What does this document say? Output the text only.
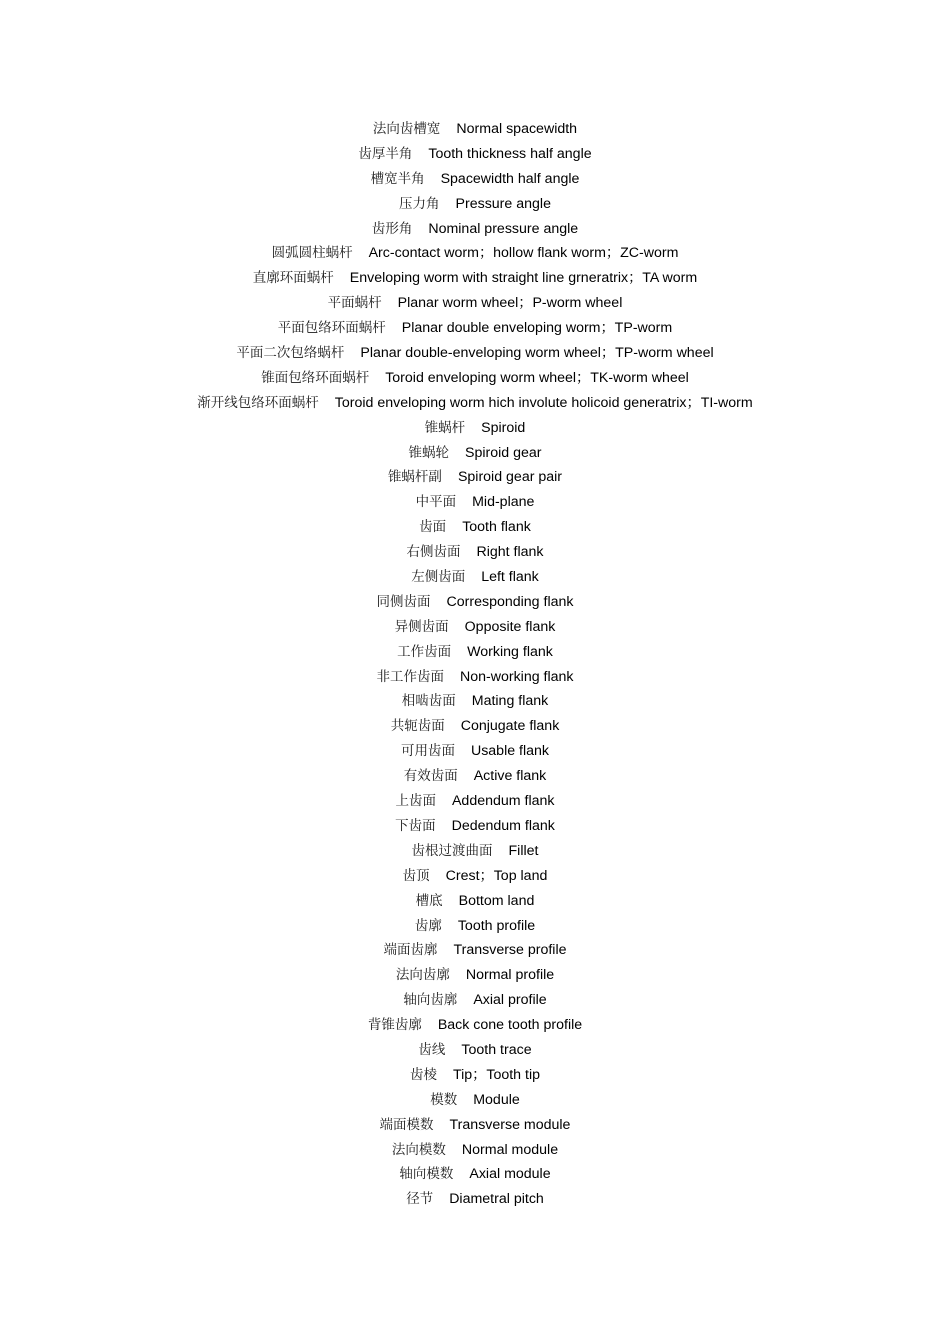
法向齿槽宽 Normal spacewidth
齿厚半角 Tooth thickness half angle
槽宽半角 Spacewidth half angle
压力角 Pressure angle
齿形角 Nominal pressure angle
圆弧圆柱蜗杆 Arc-contact worm；hollow flank worm；ZC-worm
直廓环面蜗杆 Enveloping worm with straight line grneratrix；TA worm
平面蜗杆 Planar worm wheel；P-worm wheel
平面包络环面蜗杆 Planar double enveloping worm；TP-worm
平面二次包络蜗杆 Planar double-enveloping worm wheel；TP-worm wheel
锥面包络环面蜗杆 Toroid enveloping worm wheel；TK-worm wheel
渐开线包络环面蜗杆 Toroid enveloping worm hich involute holicoid generatrix；TI-worm
锥蜗杆 Spiroid
锥蜗轮 Spiroid gear
锥蜗杆副 Spiroid gear pair
中平面 Mid-plane
齿面 Tooth flank
右侧齿面 Right flank
左侧齿面 Left flank
同侧齿面 Corresponding flank
异侧齿面 Opposite flank
工作齿面 Working flank
非工作齿面 Non-working flank
相啮齿面 Mating flank
共轭齿面 Conjugate flank
可用齿面 Usable flank
有效齿面 Active flank
上齿面 Addendum flank
下齿面 Dedendum flank
齿根过渡曲面 Fillet
齿顶 Crest；Top land
槽底 Bottom land
齿廓 Tooth profile
端面齿廓 Transverse profile
法向齿廓 Normal profile
轴向齿廓 Axial profile
背锥齿廓 Back cone tooth profile
齿线 Tooth trace
齿棱 Tip；Tooth tip
模数 Module
端面模数 Transverse module
法向模数 Normal module
轴向模数 Axial module
径节 Diametral pitch
